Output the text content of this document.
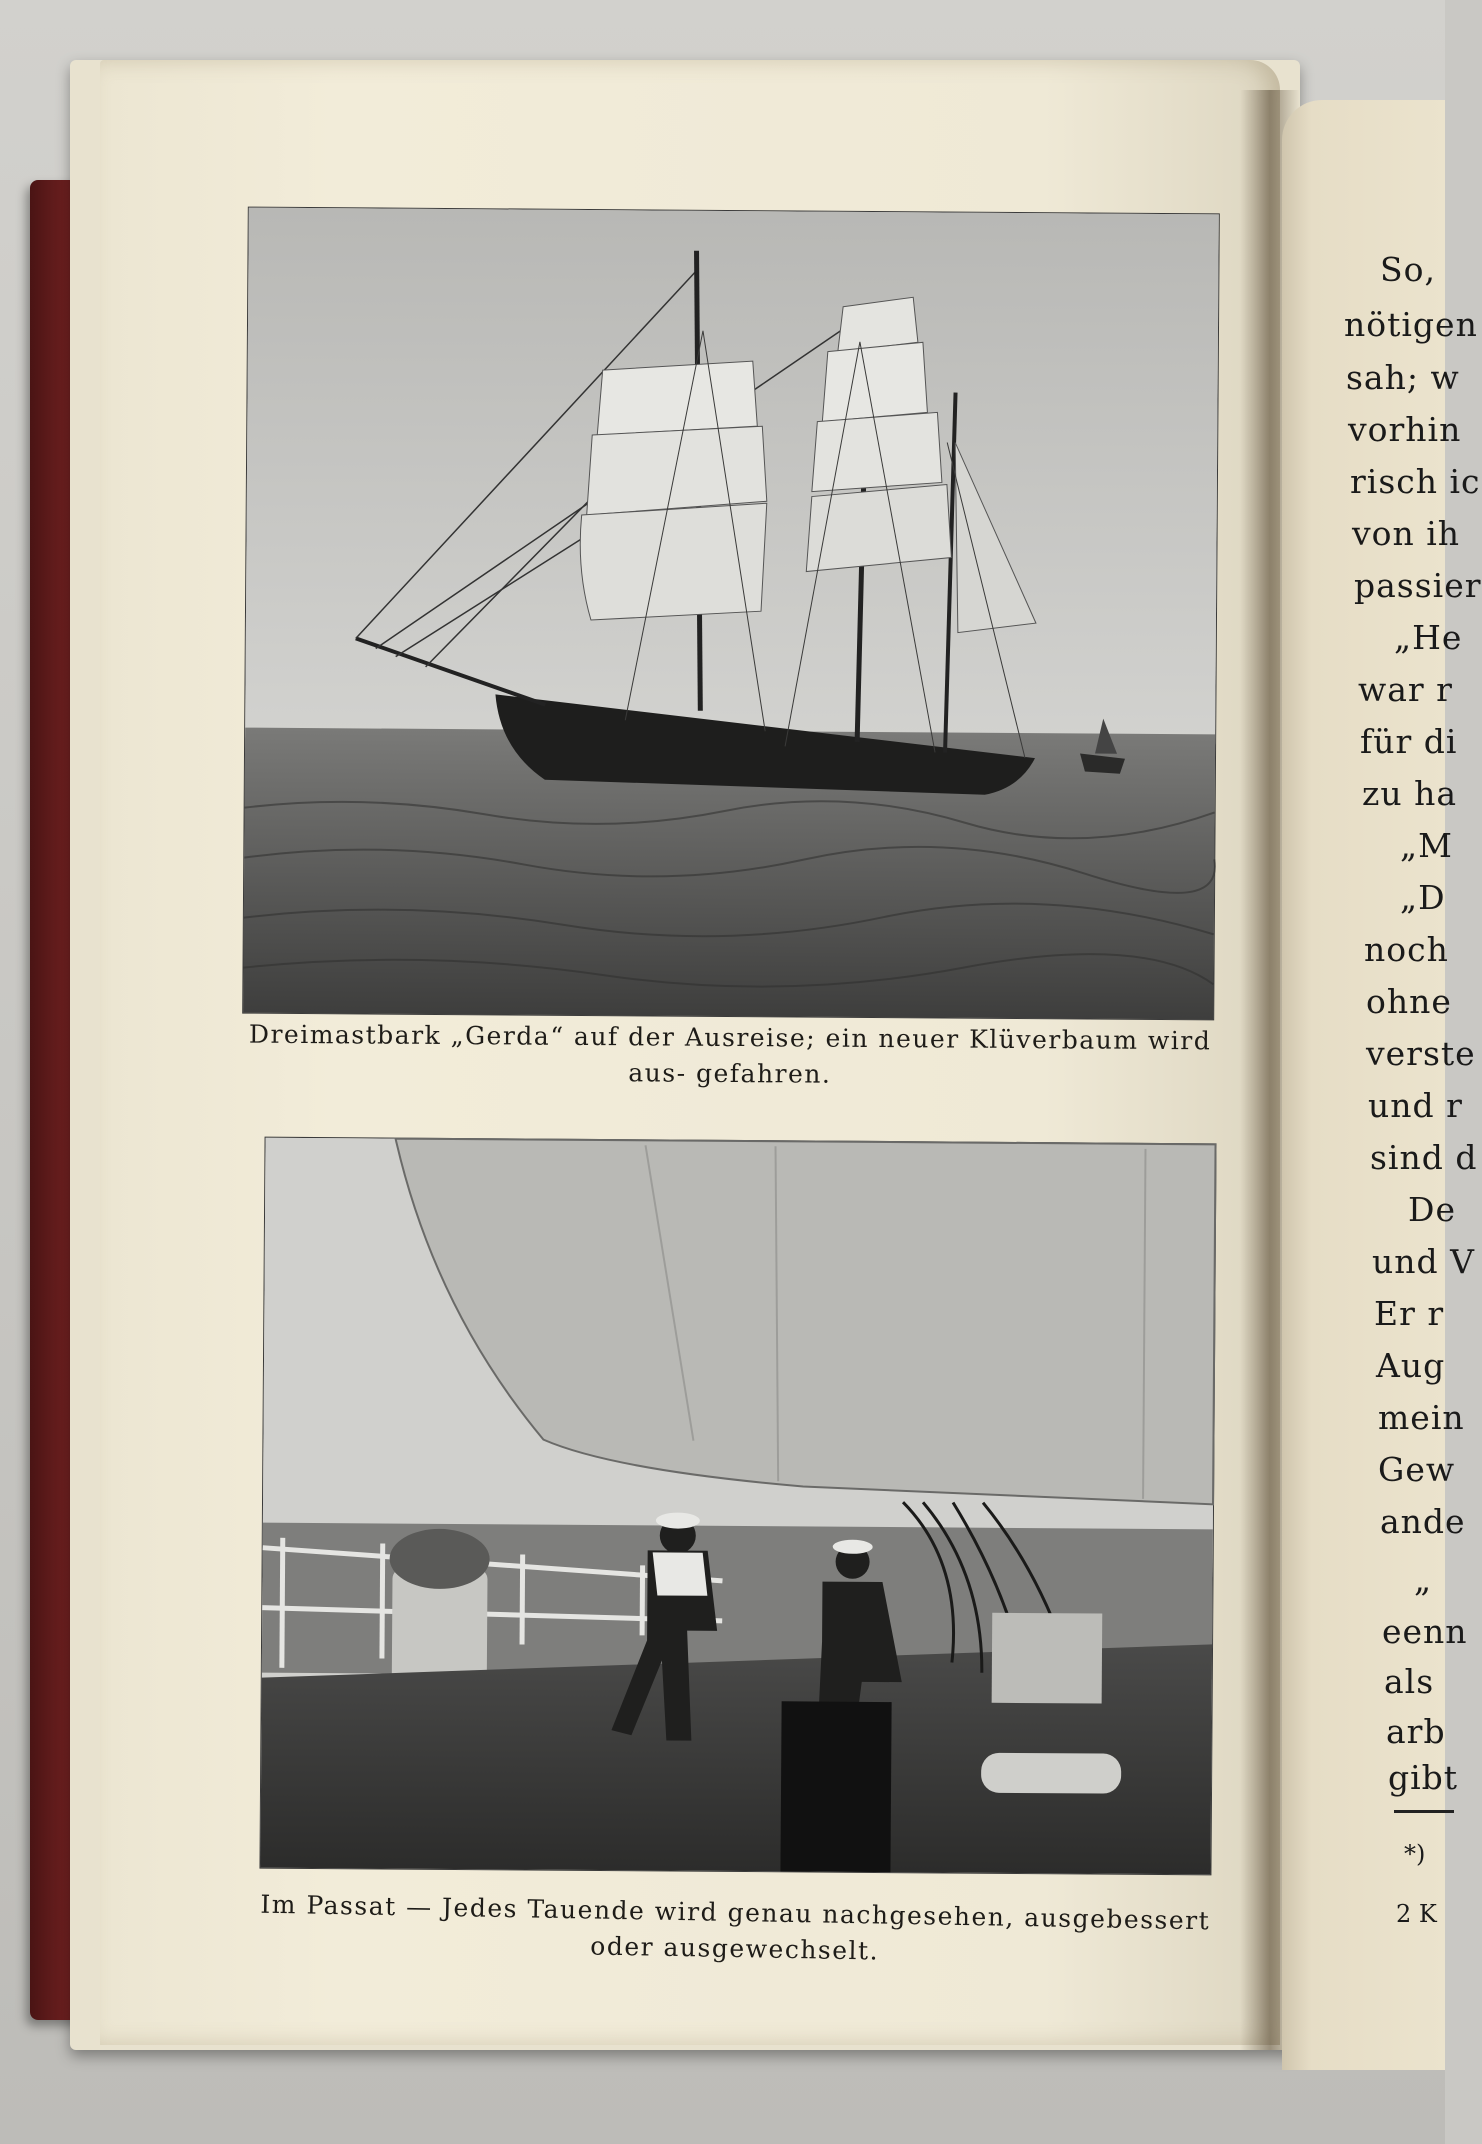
Dreimastbark „Gerda“ auf der Ausreise; ein neuer Klüverbaum wird aus- gefahren.
Im Passat — Jedes Tauende wird genau nachgesehen, ausgebessert oder ausgewechselt.
So,
nötigen
sah; w
vorhin
risch ic
von ih
passier
„He
war r
für di
zu ha
„M
„D
noch
ohne
verste
und r
sind d
De
und V
Er r
Aug
mein
Gew
ande
„
eenn
als
arb
gibt
*)
2 K
